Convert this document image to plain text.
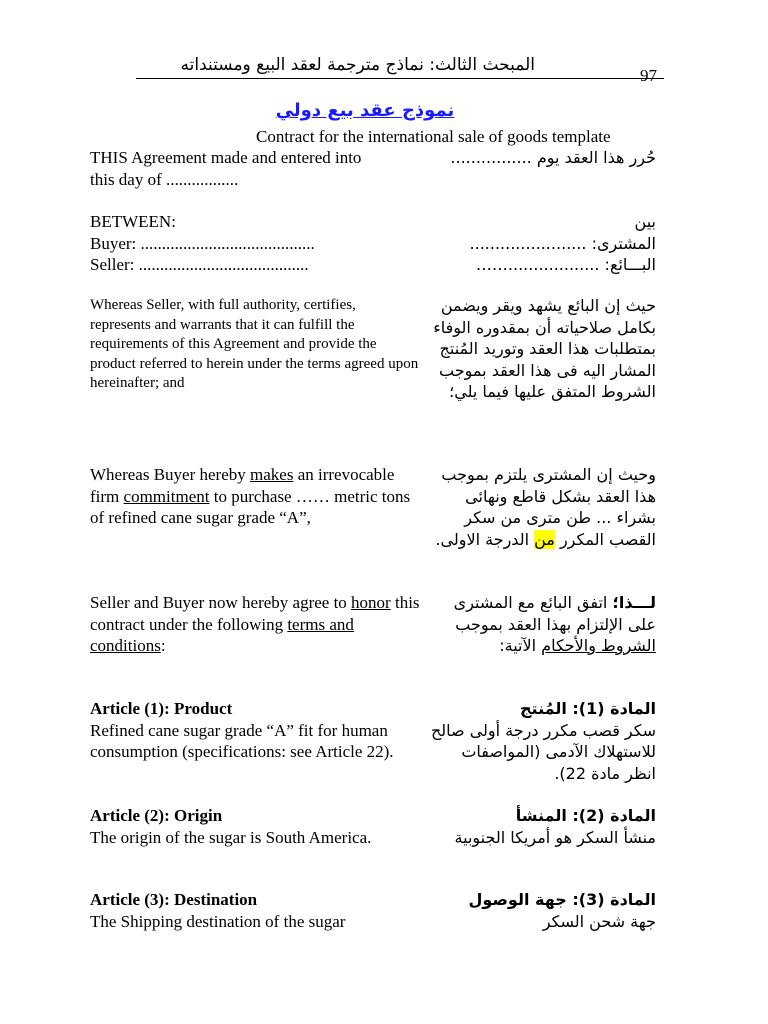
المبحث الثالث: نماذج مترجمة لعقد البيع ومستنداته
97
نموذج عقد بيع دولي
Contract for the international sale of goods template
THIS Agreement made and entered into
this day of .................
حُرر هذا العقد يوم ................
BETWEEN:
Buyer: .........................................
Seller: ........................................
بين
المشترى: .......................
البـــائع: ..................……
Whereas Seller, with full authority, certifies, represents and warrants that it can fulfill the requirements of this Agreement and provide the product referred to herein under the terms agreed upon hereinafter; and
حيث إن البائع يشهد ويقر ويضمن بكامل صلاحياته أن بمقدوره الوفاء بمتطلبات هذا العقد وتوريد المُنتج المشار اليه فى هذا العقد بموجب الشروط المتفق عليها فيما يلي؛
Whereas Buyer hereby makes an irrevocable firm commitment to purchase …… metric tons of refined cane sugar grade “A”,
وحيث إن المشترى يلتزم بموجب هذا العقد بشكل قاطع ونهائى بشراء ... طن مترى من سكر القصب المكرر من الدرجة الاولى.
Seller and Buyer now hereby agree to honor this contract under the following terms and conditions:
لـــذا؛ اتفق البائع مع المشترى على الإلتزام بهذا العقد بموجب الشروط والأحكام الآتية:
Article (1): Product
Refined cane sugar grade “A” fit for human consumption (specifications: see Article 22).
المادة (1): المُنتج
سكر قصب مكرر درجة أولى صالح للاستهلاك الآدمى (المواصفات انظر مادة 22).
Article (2): Origin
The origin of the sugar is South America.
المادة (2): المنشأ
منشأ السكر هو أمريكا الجنوبية
Article (3): Destination
The Shipping destination of the sugar
المادة (3): جهة الوصول
جهة شحن السكر
